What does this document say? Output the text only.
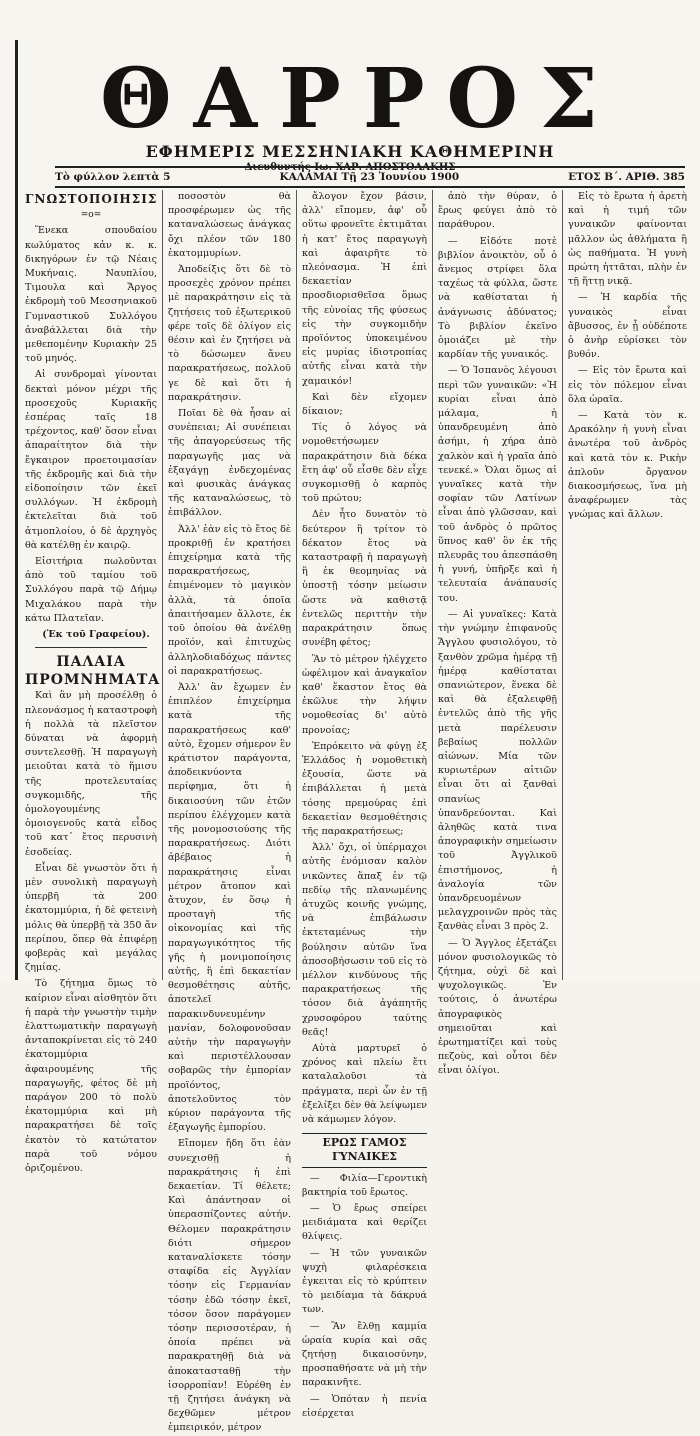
ΘΑΡΡΟΣ
ΕΦΗΜΕΡΙΣ ΜΕΣΣΗΝΙΑΚΗ ΚΑΘΗΜΕΡΙΝΗ
Διευθυντής Ιω. ΧΑΡ. ΑΠΟΣΤΟΛΑΚΗΣ
Τὸ φύλλον λεπτὰ 5	ΚΑΛΑΜΑΙ Τῇ 23 Ἰουνίου 1900	ΕΤΟΣ Β΄. ΑΡΙΘ. 385
ΓΝΩΣΤΟΠΟΙΗΣΙΣ
=o=

Ἕνεκα σπουδαίου κωλύματος κἀν κ. κ. δικηγόρων ἐν τῷ Νέαις Μυκήναις. Ναυπλίου, Τιμουλα καὶ Ἄργος ἐκδρομὴ τοῦ Μεσσηνιακοῦ Γυμναστικοῦ Συλλόγου ἀναβάλλεται διὰ τὴν μεθεπομένην Κυριακὴν 25 τοῦ μηνός.

Αἱ συνδρομαὶ γίνονται δεκταὶ μόνον μέχρι τῆς προσεχοῦς Κυριακῆς ἐσπέρας ταῖς 18 τρέχοντος, καθ' ὅσον εἶναι ἀπαραίτητον διὰ τὴν ἔγκαιρον προετοιμασίαν τῆς ἐκδρομῆς καὶ διὰ τὴν εἰδοποίησιν τῶν ἐκεῖ συλλόγων. Ἡ ἐκδρομὴ ἐκτελεῖται διὰ τοῦ ἀτμοπλοίου, ὁ δὲ ἀρχηγὸς θὰ κατέλθῃ ἐν καιρῷ.

Εἰσιτήρια πωλοῦνται ἀπὸ τοῦ ταμίου τοῦ Συλλόγου παρὰ τῷ Δήμῳ Μιχαλάκου παρὰ τὴν κάτω Πλατεῖαν.

(Ἐκ τοῦ Γραφείου).

ΠΑΛΑΙΑ ΠΡΟΜΝΗΜΑΤΑ

Καὶ ἂν μὴ προσέλθῃ ὁ πλεονάσμος ἡ καταστροφὴ ἡ πολλὰ τὰ πλεῖστον δύναται νὰ ἀφορμὴ συντελεσθῇ. Ἡ παραγωγὴ μειοῦται κατὰ τὸ ἥμισυ τῆς προτελευταίας συγκομιδῆς, τῆς ὁμολογουμένης ὁμοιογενοῦς κατὰ εἶδος τοῦ κατ᾽ ἔτος περυσινὴ ἐσοδείας.

Εἶναι δὲ γνωστὸν ὅτι ἡ μὲν συνολικὴ παραγωγὴ ὑπερβῆ τὰ 200 ἑκατομμύρια, ἡ δὲ φετεινὴ μόλις θὰ ὑπερβῇ τὰ 350 ἄν περίπου, ὅπερ θὰ ἐπιφέρῃ φοβερὰς καὶ μεγάλας ζημίας.

Τὸ ζήτημα ὅμως τὸ καίριον εἶναι αἰσθητὸν ὅτι ἡ παρὰ τὴν γνωστὴν τιμὴν ἐλαττωματικὴν παραγωγὴ ἀνταποκρίνεται εἰς τὸ 240 ἑκατομμύρια ἀφαιρουμένης τῆς παραγωγῆς, φέτος δὲ μὴ παράγον 200 τὸ πολὺ ἑκατομμύρια καὶ μὴ παρακρατήσει δὲ τοῖς ἐκατὸν τὸ κατώτατον παρὰ τοῦ νόμου ὁριζομένου.

ποσοστὸν θὰ προσφέρωμεν ὡς τῆς καταναλώσεως ἀνάγκας ὄχι πλέον τῶν 180 ἑκατομμυρίων.

Ἀποδείξις ὅτι δὲ τὸ προσεχὲς χρόνον πρέπει μὲ παρακράτησιν εἰς τὰ ζητήσεις τοῦ ἐξωτερικοῦ φέρε τοῖς δὲ ὀλίγον εἰς θέσιν καὶ ἐν ζητήσει νὰ τὸ δώσωμεν ἄνευ παρακρατήσεως, πολλοῦ γε δὲ καὶ ὅτι ἡ παρακράτησιν.

Ποῖαι δὲ θὰ ἦσαν αἱ συνέπειαι; Αἱ συνέπειαι τῆς ἀπαγορεύσεως τῆς παραγωγῆς μας νὰ ἐξαγάγῃ ἐνδεχομένας καὶ φυσικὰς ἀνάγκας τῆς καταναλώσεως, τὸ ἐπιβάλλον.

Ἀλλ' ἐὰν εἰς τὸ ἔτος δὲ προκριθῇ ἐν κρατήσει ἐπιχείρημα κατὰ τῆς παρακρατήσεως, ἐπιμένομεν τὸ μαγικὸν ἀλλὰ, τὰ ὁποῖα ἀπαιτήσαμεν ἄλλοτε, ἐκ τοῦ ὁποίου θὰ ἀνέλθῃ προϊόν, καὶ ἐπιτυχὼς ἀλληλοδιαδόχως πάντες οἱ παρακρατήσεως.

Ἀλλ' ἂν ἔχωμεν ἐν ἐπιπλέον ἐπιχείρημα κατὰ τῆς παρακρατήσεως καθ' αὐτὸ, ἔχομεν σήμερον ἓν κράτιστον παράγοντα, ἀποδεικνύοντα περίφημα, ὅτι ἡ δικαιοσύνη τῶν ἐτῶν περίπου ἐλέγχομεν κατὰ τῆς μονομοσιούσης τῆς παρακρατήσεως. Διότι ἀβέβαιος ἡ παρακράτησις εἶναι μέτρον ἄτοπον καὶ ἄτυχον, ἐν ὅσῳ ἡ προσταγὴ τῆς οἰκονομίας καὶ τῆς παραγωγικότητος τῆς γῆς ἡ μονιμοποίησις αὐτῆς, ἢ ἐπὶ δεκαετίαν θεσμοθέτησις αὐτῆς, ἀποτελεῖ παρακινδυνευμένην μανίαν, δολοφονοῦσαν αὐτὴν τὴν παραγωγὴν καὶ περιστέλλουσαν σοβαρῶς τὴν ἐμπορίαν προϊόντος, ἀποτελοῦντος τὸν κύριον παράγοντα τῆς ἐξαγωγῆς ἐμπορίου.

Εἴπομεν ἤδη ὅτι ἐὰν συνεχισθῇ ἡ παρακράτησις ἡ ἐπὶ δεκαετίαν. Τί θέλετε; Καὶ ἀπάντησαν οἱ ὑπερασπίζοντες αὐτήν. Θέλομεν παρακράτησιν διότι σήμερον καταναλίσκετε τόσην σταφίδα εἰς Ἀγγλίαν τόσην εἰς Γερμανίαν τόσην ἐδῶ τόσην ἐκεῖ, τόσον ὅσον παράγομεν τόσην περισσοτέραν, ἡ ὁποία πρέπει νὰ παρακρατηθῇ διὰ νὰ ἀποκατασταθῇ τὴν ἰσορροπίαν! Εὐρέθη ἐν τῇ ζητήσει ἀνάγκη νὰ δεχθῶμεν μέτρον ἐμπειρικόν, μέτρον

ἄλογον ἔχον βάσιν, ἀλλ' εἴπομεν, ἀφ' οὗ οὕτω φρονεῖτε ἐκτιμᾶται ἡ κατ' ἔτος παραγωγὴ καὶ ἀφαιρῆτε τὸ πλεόνασμα. Ἡ ἐπὶ δεκαετίαν προσδιορισθεῖσα ὅμως τῆς εὐνοίας τῆς φύσεως εἰς τὴν συγκομιδὴν προϊόντος ὑποκειμένου εἰς μυρίας ἰδιοτροπίας αὐτῆς εἶναι κατὰ τὴν χαμαικόν!

Καὶ δὲν εἴχομεν δίκαιον;

Τίς ὁ λόγος νὰ νομοθετήσωμεν παρακράτησιν διὰ δέκα ἔτη ἀφ' οὗ εἶσθε δὲν εἶχε συγκομισθῇ ὁ καρπὸς τοῦ πρώτου;

Δὲν ἦτο δυνατὸν τὸ δεύτερον ἢ τρίτον τὸ δέκατον ἔτος νὰ καταστραφῇ ἡ παραγωγὴ ἢ ἐκ θεομηνίας νὰ ὑποστῇ τόσην μείωσιν ὥστε νὰ καθιστᾷ ἐντελῶς περιττὴν τὴν παρακράτησιν ὅπως συνέβη φέτος;

Ἂν τὸ μέτρον ἠλέγχετο ὠφέλιμον καὶ ἀναγκαῖον καθ' ἕκαστον ἔτος θὰ ἐκῶλυε τὴν λήψιν νομοθεσίας δι' αὐτὸ προνοίας;

Ἐπρόκειτο νὰ φύγῃ ἐξ Ἑλλάδος ἡ νομοθετικὴ ἐξουσία, ὥστε νὰ ἐπιβάλλεται ἡ μετὰ τόσης πρεμούρας ἐπὶ δεκαετίαν θεσμοθέτησις τῆς παρακρατήσεως;

Ἀλλ' ὄχι, οἱ ὑπέρμαχοι αὐτῆς ἐνόμισαν καλὸν νικῶντες ἅπαξ ἐν τῷ πεδίῳ τῆς πλανωμένης ἀτυχῶς κοινῆς γνώμης, νὰ ἐπιβάλωσιν ἐκτεταμένως τὴν βούλησιν αὐτῶν ἵνα ἀποσοβήσωσιν τοῦ εἰς τὸ μέλλον κινδύνους τῆς παρακρατήσεως τῆς τόσον διὰ ἀγάπητῆς χρυσοφόρου ταύτης θεᾶς!

Αὐτὰ μαρτυρεῖ ὁ χρόνος καὶ πλείω ἔτι καταλαλοῦσι τὰ πράγματα, περὶ ὧν ἐν τῇ ἐξελίξει δὲν θὰ λείψωμεν νὰ κάμωμεν λόγον.

ΕΡΩΣ ΓΑΜΟΣ ΓΥΝΑΙΚΕΣ

— Φιλία—Γεροντικὴ βακτηρία τοῦ ἔρωτος.

— Ὁ ἔρως σπείρει μειδιάματα καὶ θερίζει θλίψεις.

— Ἡ τῶν γυναικῶν ψυχὴ φιλαρέσκεια ἐγκειται εἰς τὸ κρύπτειν τὸ μειδίαμα τὰ δάκρυά των.

— Ἂν ἔλθῃ καμμία ὡραία κυρία καὶ σᾶς ζητήσῃ δικαιοσύνην, προσπαθήσατε νὰ μὴ τὴν παρακινῆτε.

— Ὁπόταν ἡ πενία εἰσέρχεται

ἀπὸ τὴν θύραν, ὁ ἔρως φεύγει ἀπὸ τὸ παράθυρον.

— Εἰδότε ποτὲ βιβλίον ἀνοικτὸν, οὗ ὁ ἄνεμος στρίφει ὅλα ταχέως τὰ φύλλα, ὥστε νὰ καθίσταται ἡ ἀνάγνωσις ἀδύνατος; Τὸ βιβλίον ἐκεῖνο ὁμοιάζει μὲ τὴν καρδίαν τῆς γυναικός.

— Ὁ Ἰσπανὸς λέγουσι περὶ τῶν γυναικῶν: «Ἡ κυρίαι εἶναι ἀπὸ μάλαμα, ἡ ὑπανδρευμένη ἀπὸ ἀσήμι, ἡ χήρα ἀπὸ χαλκὸν καὶ ἡ γραῖα ἀπὸ τενεκέ.» Ὁλαι ὅμως αἱ γυναῖκες κατὰ τὴν σοφίαν τῶν Λατίνων εἶναι ἀπὸ γλῶσσαν, καὶ τοῦ ἀνδρὸς ὁ πρῶτος ὕπνος καθ' ὃν ἐκ τῆς πλευρᾶς του ἀπεσπάσθη ἡ γυνή, ὑπῆρξε καὶ ἡ τελευταία ἀνάπαυσίς του.

— Αἱ γυναῖκες: Κατὰ τὴν γνώμην ἐπιφανοῦς Ἄγγλου φυσιολόγου, τὸ ξανθὸν χρῶμα ἡμέρᾳ τῇ ἡμέρᾳ καθίσταται σπανιώτερον, ἕνεκα δὲ καὶ θὰ ἐξαλειφθῇ ἐντελῶς ἀπὸ τῆς γῆς μετὰ παρέλευσιν βεβαίως πολλῶν αἰώνων. Μία τῶν κυριωτέρων αἰτιῶν εἶναι ὅτι αἱ ξανθαὶ σπανίως ὑπανδρεύονται. Καὶ ἀληθῶς κατὰ τινα ἀπογραφικὴν σημείωσιν τοῦ Ἀγγλικοῦ ἐπιστήμονος, ἡ ἀναλογία τῶν ὑπανδρευομένων μελαγχροινῶν πρὸς τὰς ξανθὰς εἶναι 3 πρὸς 2.

— Ὁ Ἄγγλος ἐξετάζει μόνον φυσιολογικῶς τὸ ζήτημα, οὐχὶ δὲ καὶ ψυχολογικῶς. Ἐν τούτοις, ὁ ἀνωτέρω ἀπογραφικὸς σημειοῦται καὶ ἐρωτηματίζει καὶ τοὺς πεζοὺς, καὶ οὗτοι δὲν εἶναι ὀλίγοι.

Εἰς τὸ ἔρωτα ἡ ἀρετὴ καὶ ἡ τιμή τῶν γυναικῶν φαίνονται μᾶλλον ὡς ἀθλήματα ἢ ὡς παθήματα. Ἡ γυνὴ πρώτη ἡττᾶται, πλὴν ἐν τῇ ἥττῃ νικᾷ.

— Ἡ καρδία τῆς γυναικὸς εἶναι ἄβυσσος, ἐν ᾗ οὐδέποτε ὁ ἀνὴρ εὑρίσκει τὸν βυθόν.

— Εἰς τὸν ἔρωτα καὶ εἰς τὸν πόλεμον εἶναι ὅλα ὡραῖα.

— Κατὰ τὸν κ. Δρακόλην ἡ γυνὴ εἶναι ἀνωτέρα τοῦ ἀνδρὸς καὶ κατὰ τὸν κ. Ρικὴν ἀπλοῦν ὄργανον διακοσμήσεως, ἵνα μὴ ἀναφέρωμεν τὰς γνώμας καὶ ἄλλων.
